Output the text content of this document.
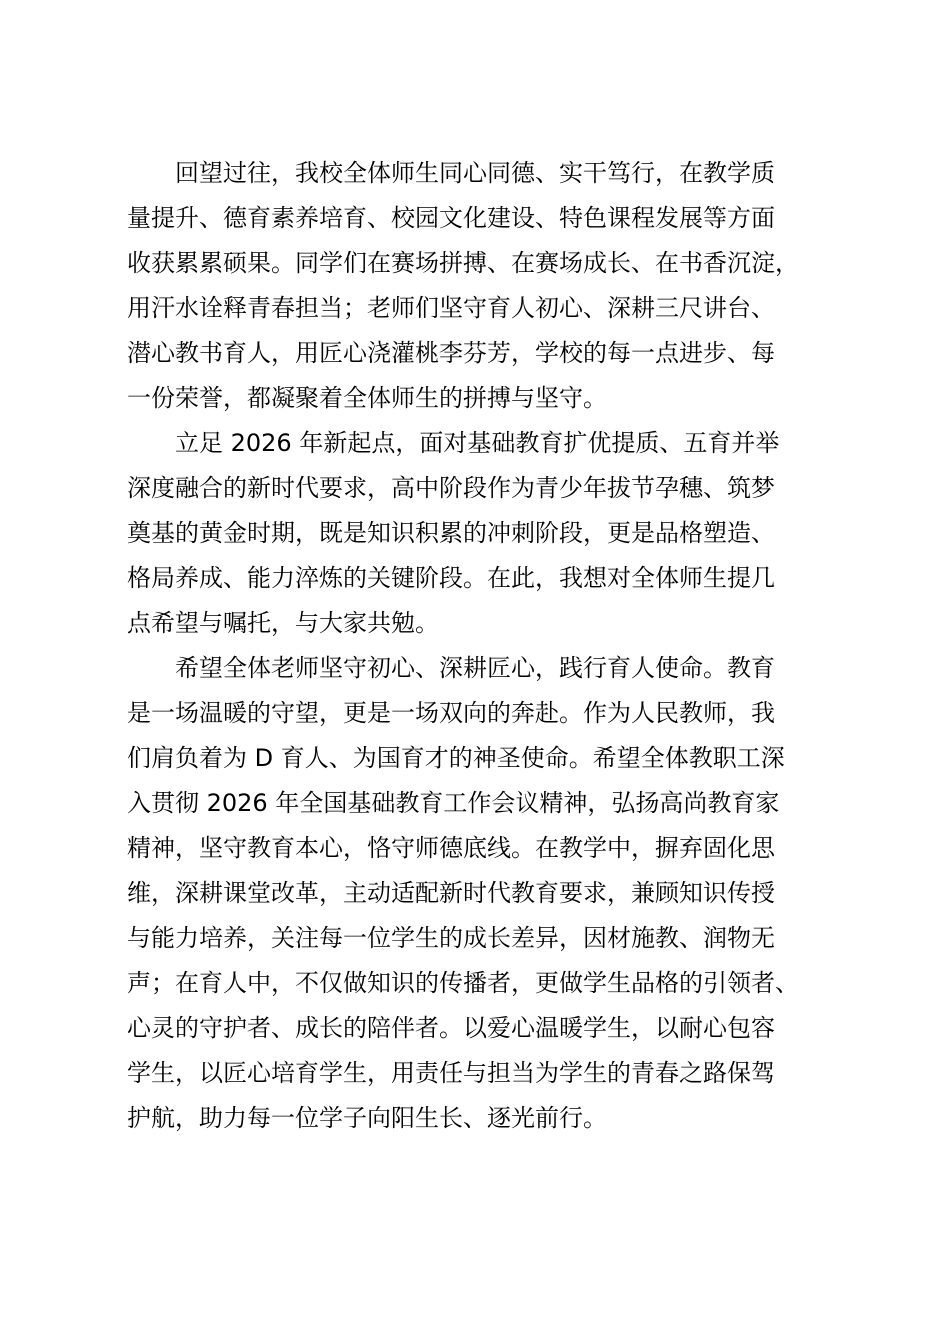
回望过往，我校全体师生同心同德、实干笃行，在教学质
量提升、德育素养培育、校园文化建设、特色课程发展等方面
收获累累硕果。同学们在赛场拼搏、在赛场成长、在书香沉淀，
用汗水诠释青春担当；老师们坚守育人初心、深耕三尺讲台、
潜心教书育人，用匠心浇灌桃李芬芳，学校的每一点进步、每
一份荣誉，都凝聚着全体师生的拼搏与坚守。
立足 2026 年新起点，面对基础教育扩优提质、五育并举
深度融合的新时代要求，高中阶段作为青少年拔节孕穗、筑梦
奠基的黄金时期，既是知识积累的冲刺阶段，更是品格塑造、
格局养成、能力淬炼的关键阶段。在此，我想对全体师生提几
点希望与嘱托，与大家共勉。
希望全体老师坚守初心、深耕匠心，践行育人使命。教育
是一场温暖的守望，更是一场双向的奔赴。作为人民教师，我
们肩负着为 D 育人、为国育才的神圣使命。希望全体教职工深
入贯彻 2026 年全国基础教育工作会议精神，弘扬高尚教育家
精神，坚守教育本心，恪守师德底线。在教学中，摒弃固化思
维，深耕课堂改革，主动适配新时代教育要求，兼顾知识传授
与能力培养，关注每一位学生的成长差异，因材施教、润物无
声；在育人中，不仅做知识的传播者，更做学生品格的引领者、
心灵的守护者、成长的陪伴者。以爱心温暖学生，以耐心包容
学生，以匠心培育学生，用责任与担当为学生的青春之路保驾
护航，助力每一位学子向阳生长、逐光前行。
